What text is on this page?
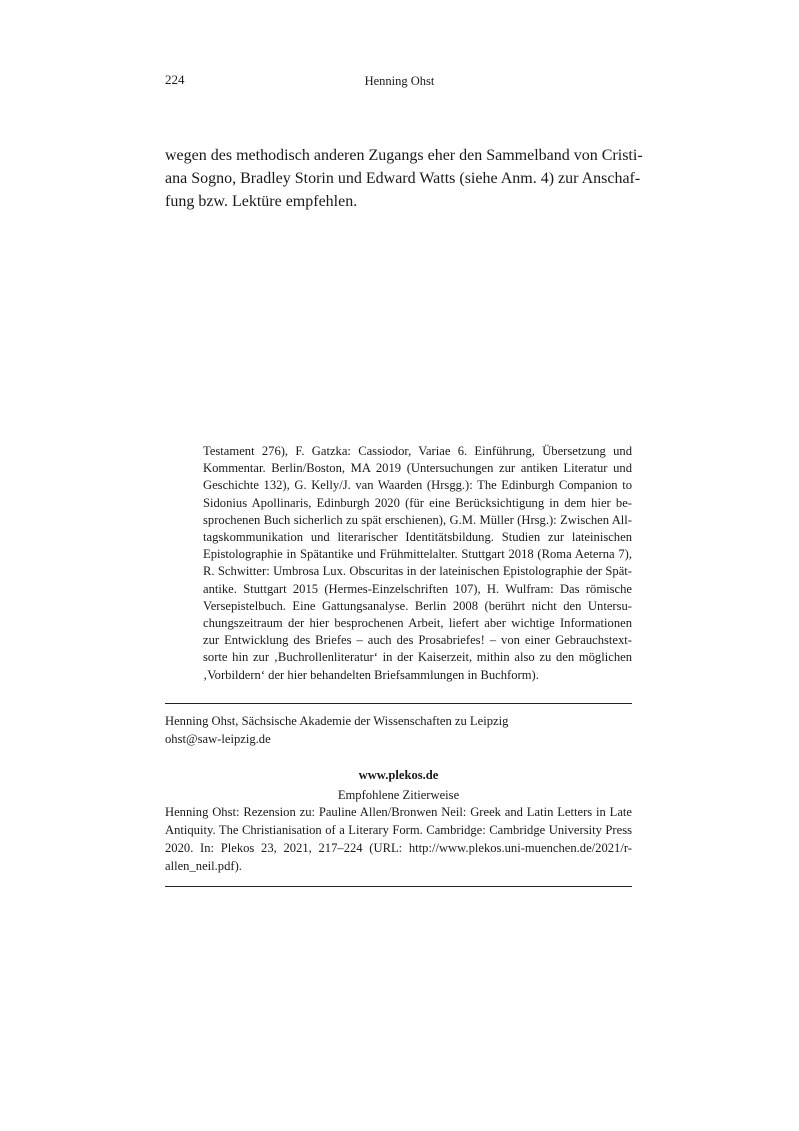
224	Henning Ohst
wegen des methodisch anderen Zugangs eher den Sammelband von Cristi-
ana Sogno, Bradley Storin und Edward Watts (siehe Anm. 4) zur Anschaf-
fung bzw. Lektüre empfehlen.
Testament 276), F. Gatzka: Cassiodor, Variae 6. Einführung, Übersetzung und
Kommentar. Berlin/Boston, MA 2019 (Untersuchungen zur antiken Literatur und
Geschichte 132), G. Kelly/J. van Waarden (Hrsgg.): The Edinburgh Companion to
Sidonius Apollinaris, Edinburgh 2020 (für eine Berücksichtigung in dem hier be-
sprochenen Buch sicherlich zu spät erschienen), G.M. Müller (Hrsg.): Zwischen All-
tagskommunikation und literarischer Identitätsbildung. Studien zur lateinischen
Epistolographie in Spätantike und Frühmittelalter. Stuttgart 2018 (Roma Aeterna 7),
R. Schwitter: Umbrosa Lux. Obscuritas in der lateinischen Epistolographie der Spät-
antike. Stuttgart 2015 (Hermes-Einzelschriften 107), H. Wulfram: Das römische
Versepistelbuch. Eine Gattungsanalyse. Berlin 2008 (berührt nicht den Untersu-
chungszeitraum der hier besprochenen Arbeit, liefert aber wichtige Informationen
zur Entwicklung des Briefes – auch des Prosabriefes! – von einer Gebrauchstext-
sorte hin zur ‚Buchrollenliteratur‘ in der Kaiserzeit, mithin also zu den möglichen
‚Vorbildern‘ der hier behandelten Briefsammlungen in Buchform).
Henning Ohst, Sächsische Akademie der Wissenschaften zu Leipzig
ohst@saw-leipzig.de
www.plekos.de
Empfohlene Zitierweise
Henning Ohst: Rezension zu: Pauline Allen/Bronwen Neil: Greek and Latin Letters in Late
Antiquity. The Christianisation of a Literary Form. Cambridge: Cambridge University Press
2020. In: Plekos 23, 2021, 217–224 (URL: http://www.plekos.uni-muenchen.de/2021/r-
allen_neil.pdf).
